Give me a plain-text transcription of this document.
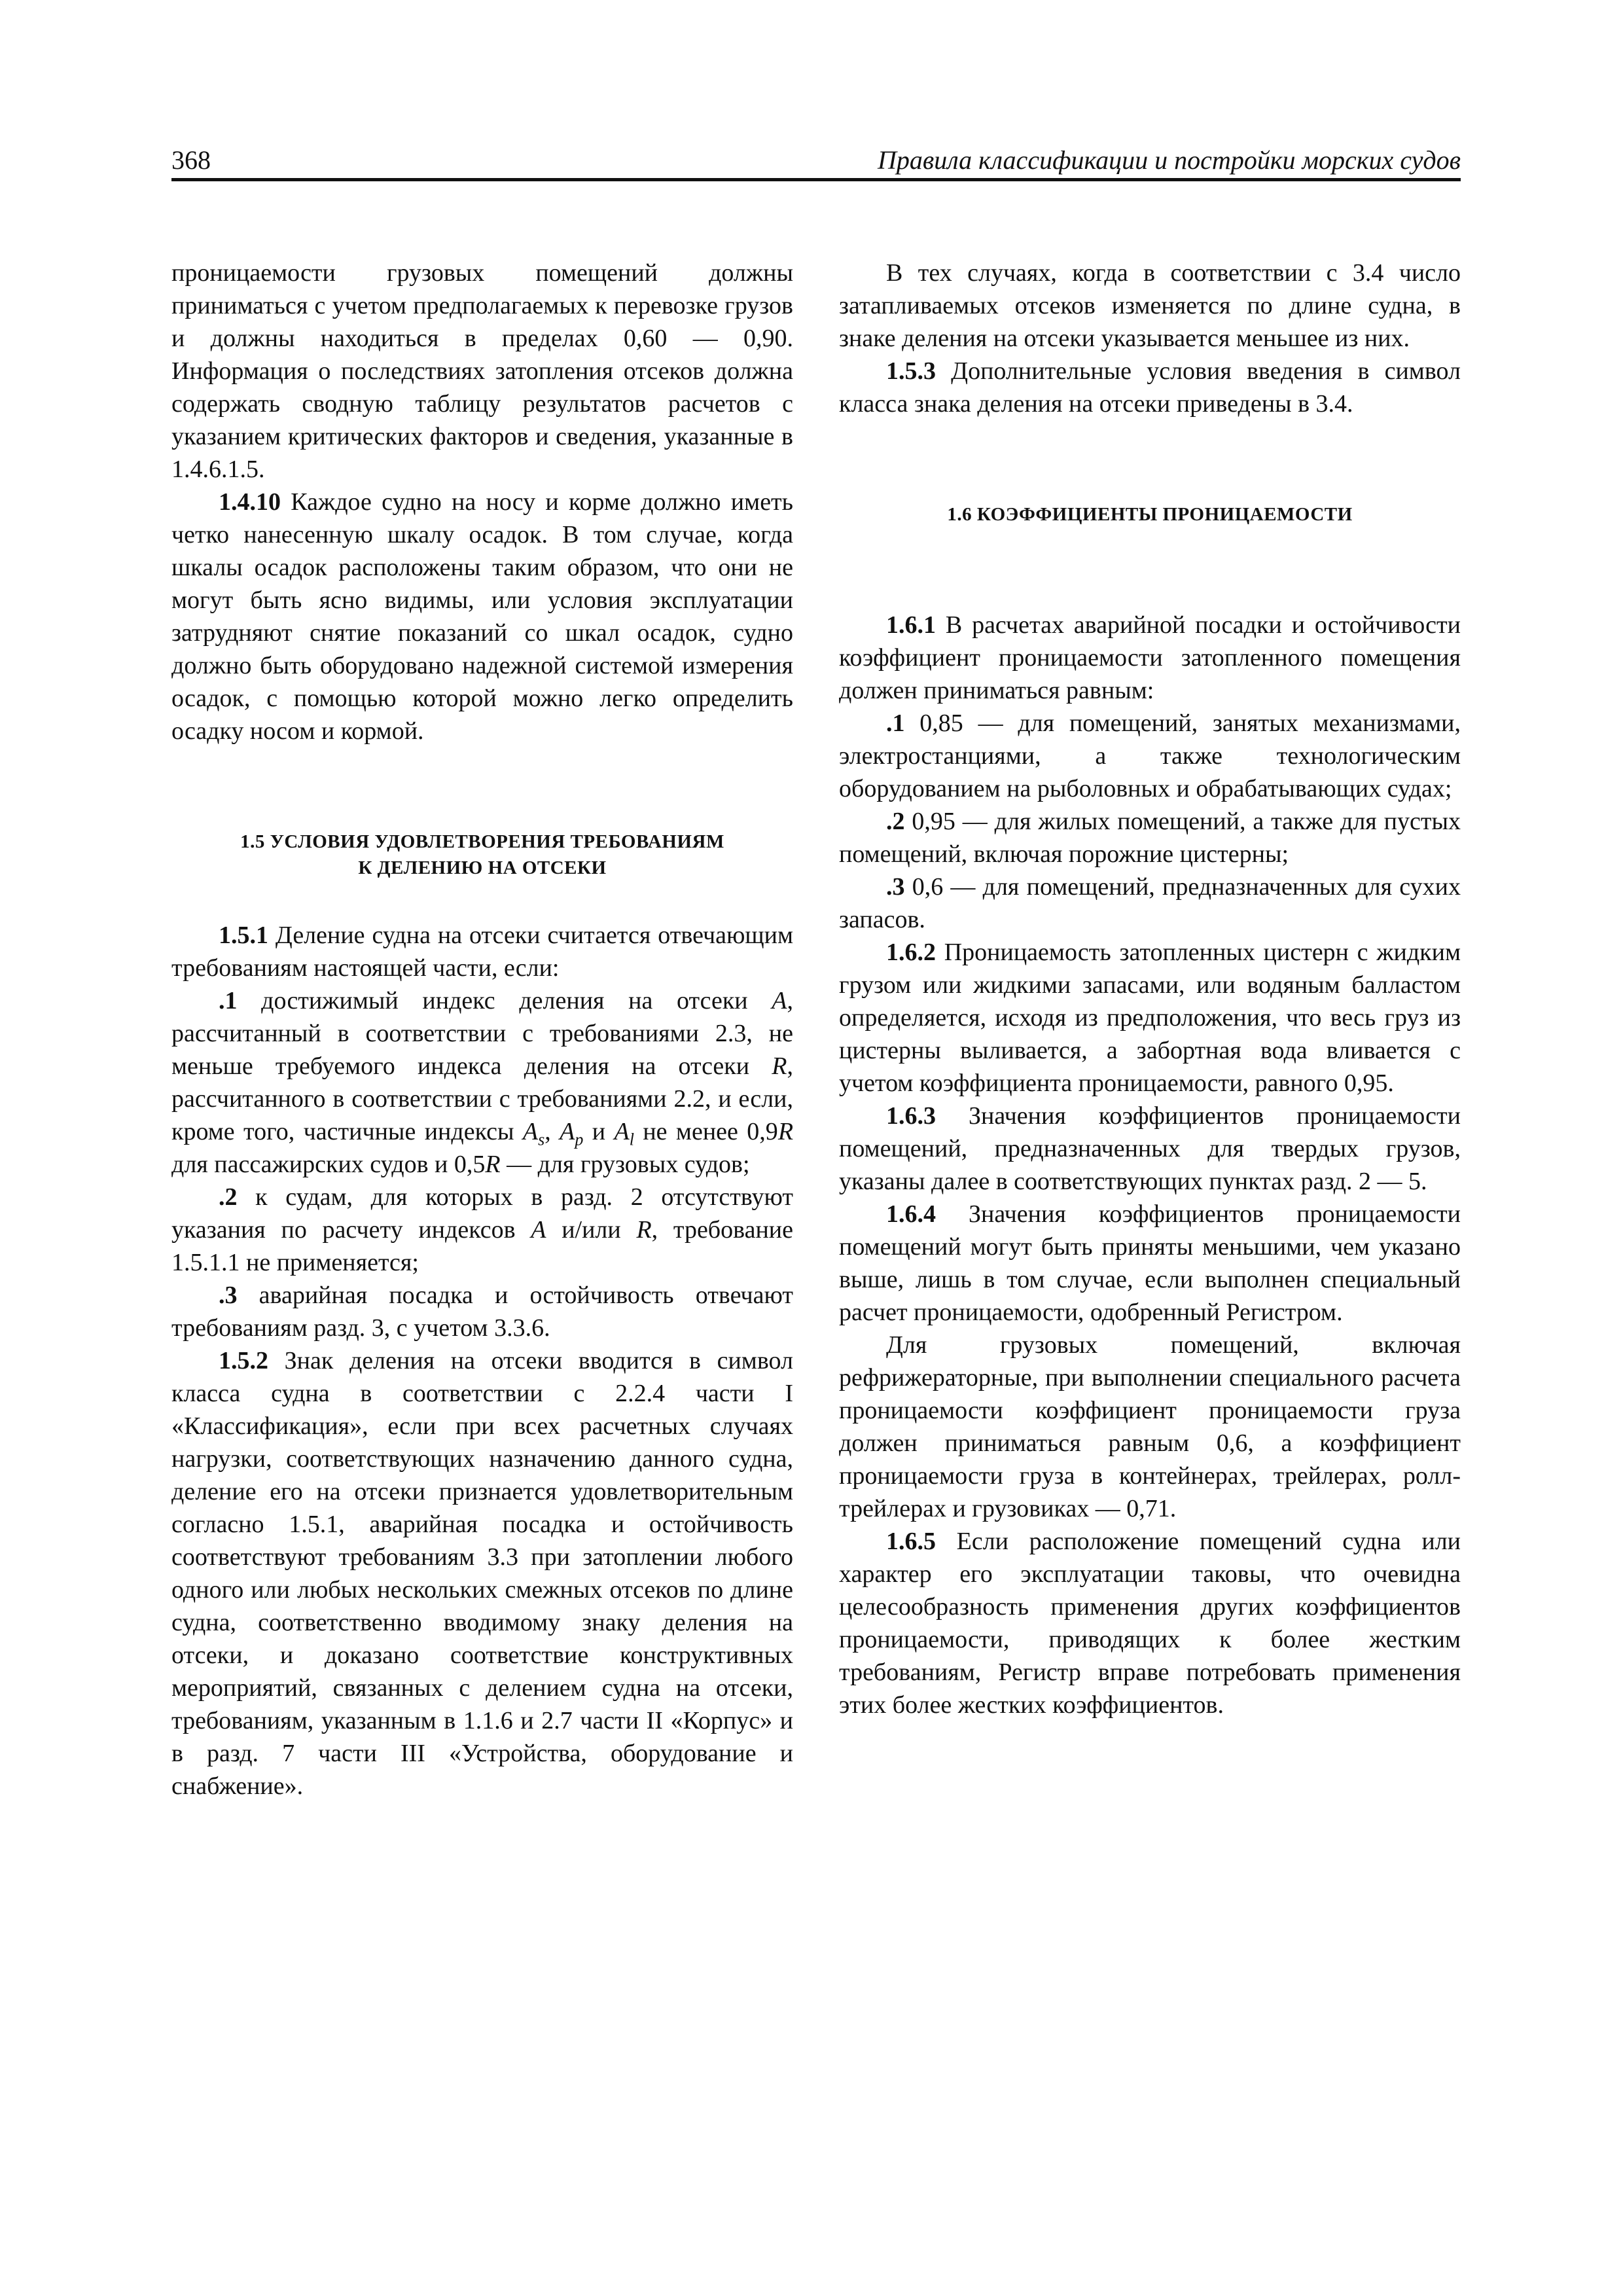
368	Правила классификации и постройки морских судов

проницаемости грузовых помещений должны приниматься с учетом предполагаемых к перевозке грузов и должны находиться в пределах 0,60 — 0,90. Информация о последствиях затопления отсеков должна содержать сводную таблицу результатов расчетов с указанием критических факторов и сведения, указанные в 1.4.6.1.5.

1.4.10 Каждое судно на носу и корме должно иметь четко нанесенную шкалу осадок. В том случае, когда шкалы осадок расположены таким образом, что они не могут быть ясно видимы, или условия эксплуатации затрудняют снятие показаний со шкал осадок, судно должно быть оборудовано надежной системой измерения осадок, с помощью которой можно легко определить осадку носом и кормой.

1.5 УСЛОВИЯ УДОВЛЕТВОРЕНИЯ ТРЕБОВАНИЯМ
К ДЕЛЕНИЮ НА ОТСЕКИ

1.5.1 Деление судна на отсеки считается отвечающим требованиям настоящей части, если:

.1 достижимый индекс деления на отсеки A, рассчитанный в соответствии с требованиями 2.3, не меньше требуемого индекса деления на отсеки R, рассчитанного в соответствии с требованиями 2.2, и если, кроме того, частичные индексы $A_s$, $A_p$ и $A_l$ не менее 0,9R для пассажирских судов и 0,5R — для грузовых судов;

.2 к судам, для которых в разд. 2 отсутствуют указания по расчету индексов A и/или R, требование 1.5.1.1 не применяется;

.3 аварийная посадка и остойчивость отвечают требованиям разд. 3, с учетом 3.3.6.

1.5.2 Знак деления на отсеки вводится в символ класса судна в соответствии с 2.2.4 части I «Классификация», если при всех расчетных случаях нагрузки, соответствующих назначению данного судна, деление его на отсеки признается удовлетворительным согласно 1.5.1, аварийная посадка и остойчивость соответствуют требованиям 3.3 при затоплении любого одного или любых нескольких смежных отсеков по длине судна, соответственно вводимому знаку деления на отсеки, и доказано соответствие конструктивных мероприятий, связанных с делением судна на отсеки, требованиям, указанным в 1.1.6 и 2.7 части II «Корпус» и в разд. 7 части III «Устройства, оборудование и снабжение».

В тех случаях, когда в соответствии с 3.4 число затапливаемых отсеков изменяется по длине судна, в знаке деления на отсеки указывается меньшее из них.

1.5.3 Дополнительные условия введения в символ класса знака деления на отсеки приведены в 3.4.

1.6 КОЭФФИЦИЕНТЫ ПРОНИЦАЕМОСТИ

1.6.1 В расчетах аварийной посадки и остойчивости коэффициент проницаемости затопленного помещения должен приниматься равным:

.1 0,85 — для помещений, занятых механизмами, электростанциями, а также технологическим оборудованием на рыболовных и обрабатывающих судах;

.2 0,95 — для жилых помещений, а также для пустых помещений, включая порожние цистерны;

.3 0,6 — для помещений, предназначенных для сухих запасов.

1.6.2 Проницаемость затопленных цистерн с жидким грузом или жидкими запасами, или водяным балластом определяется, исходя из предположения, что весь груз из цистерны выливается, а забортная вода вливается с учетом коэффициента проницаемости, равного 0,95.

1.6.3 Значения коэффициентов проницаемости помещений, предназначенных для твердых грузов, указаны далее в соответствующих пунктах разд. 2 — 5.

1.6.4 Значения коэффициентов проницаемости помещений могут быть приняты меньшими, чем указано выше, лишь в том случае, если выполнен специальный расчет проницаемости, одобренный Регистром.

Для грузовых помещений, включая рефрижераторные, при выполнении специального расчета проницаемости коэффициент проницаемости груза должен приниматься равным 0,6, а коэффициент проницаемости груза в контейнерах, трейлерах, ролл-трейлерах и грузовиках — 0,71.

1.6.5 Если расположение помещений судна или характер его эксплуатации таковы, что очевидна целесообразность применения других коэффициентов проницаемости, приводящих к более жестким требованиям, Регистр вправе потребовать применения этих более жестких коэффициентов.
